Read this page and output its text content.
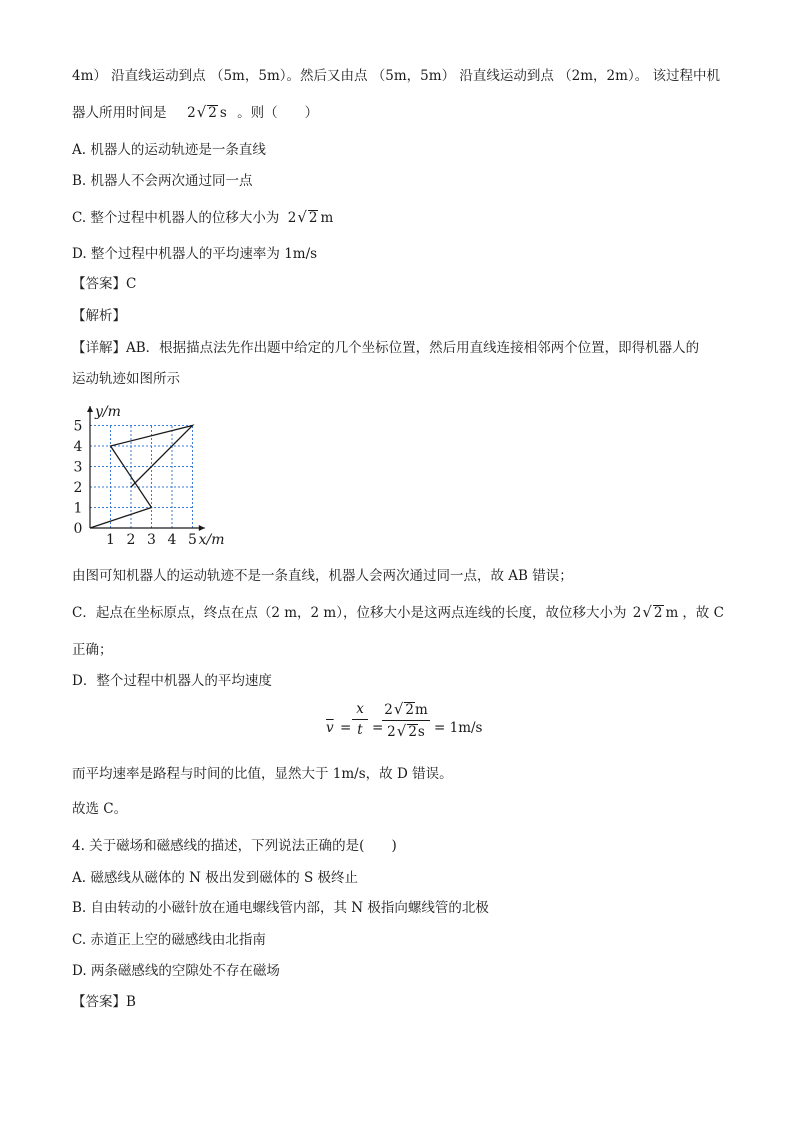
4m） 沿直线运动到点 （5m，5m）。然后又由点 （5m，5m） 沿直线运动到点 （2m，2m）。 该过程中机
器人所用时间是 2√ 2 s 。则（　　）
A. 机器人的运动轨迹是一条直线
B. 机器人不会两次通过同一点
C. 整个过程中机器人的位移大小为 2√ 2 m
D. 整个过程中机器人的平均速率为 1m/s
【答案】C
【解析】
【详解】AB．根据描点法先作出题中给定的几个坐标位置，然后用直线连接相邻两个位置，即得机器人的
运动轨迹如图所示
1 2 3 4 5
0
1
2
3
4
5
x/m
y/m
由图可知机器人的运动轨迹不是一条直线，机器人会两次通过同一点，故 AB 错误；
C．起点在坐标原点，终点在点（2 m，2 m），位移大小是这两点连线的长度，故位移大小为 2√ 2 m ，故 C
正确；
D．整个过程中机器人的平均速度
$\overline{v} = \frac{x}{t}$ =
$\frac{2√ 2m}{2√ 2s} = 1m/s$
而平均速率是路程与时间的比值，显然大于 1m/s，故 D 错误。
故选 C。
4. 关于磁场和磁感线的描述，下列说法正确的是(　　)
A. 磁感线从磁体的 N 极出发到磁体的 S 极终止
B. 自由转动的小磁针放在通电螺线管内部，其 N 极指向螺线管的北极
C. 赤道正上空的磁感线由北指南
D. 两条磁感线的空隙处不存在磁场
【答案】B
